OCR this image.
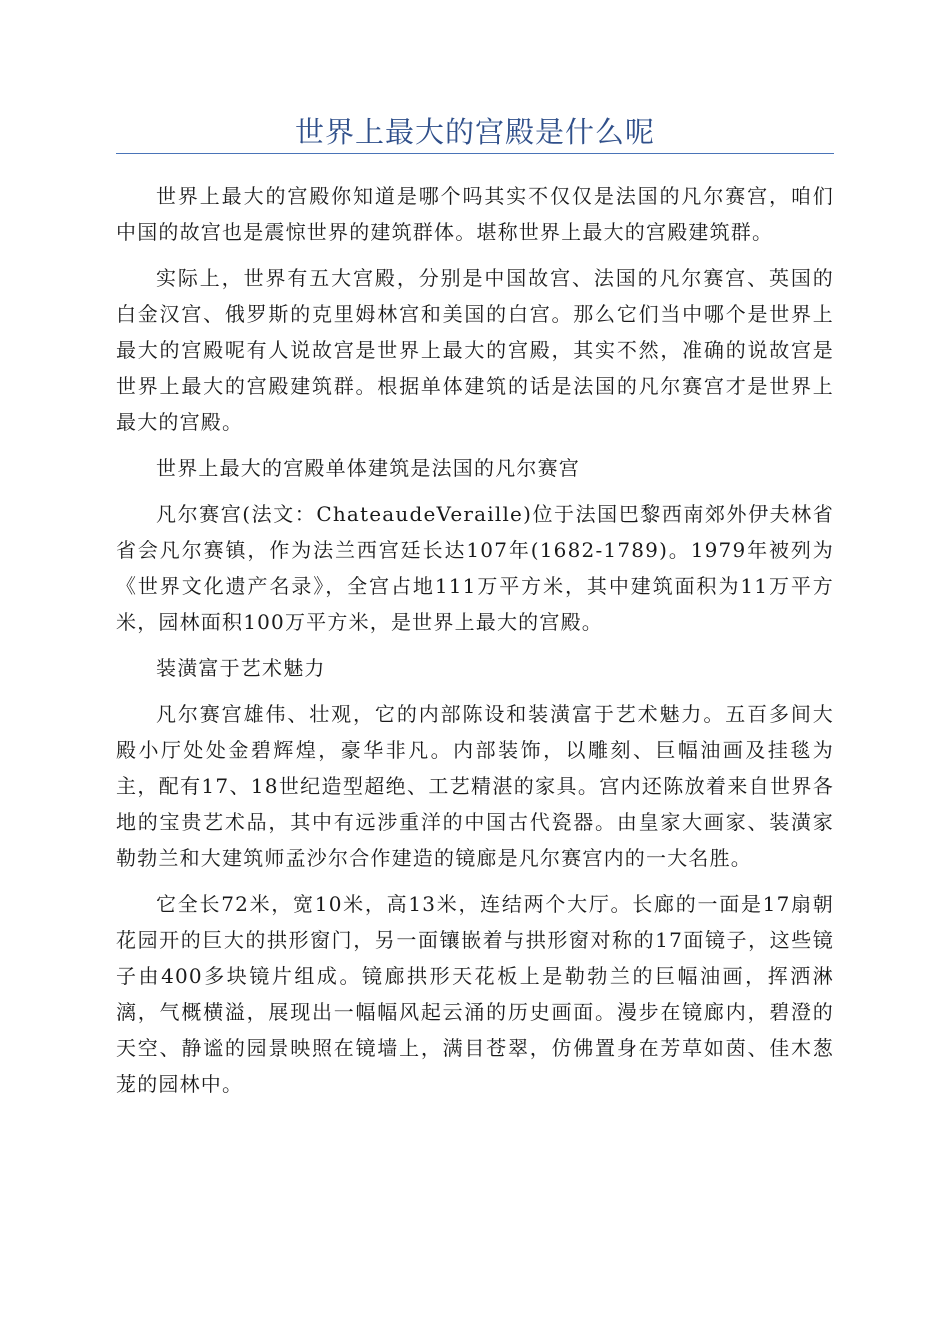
世界上最大的宫殿是什么呢

世界上最大的宫殿你知道是哪个吗其实不仅仅是法国的凡尔赛宫，咱们中国的故宫也是震惊世界的建筑群体。堪称世界上最大的宫殿建筑群。

实际上，世界有五大宫殿，分别是中国故宫、法国的凡尔赛宫、英国的白金汉宫、俄罗斯的克里姆林宫和美国的白宫。那么它们当中哪个是世界上最大的宫殿呢有人说故宫是世界上最大的宫殿，其实不然，准确的说故宫是世界上最大的宫殿建筑群。根据单体建筑的话是法国的凡尔赛宫才是世界上最大的宫殿。

世界上最大的宫殿单体建筑是法国的凡尔赛宫

凡尔赛宫(法文：ChateaudeVeraille)位于法国巴黎西南郊外伊夫林省省会凡尔赛镇，作为法兰西宫廷长达107年(1682-1789)。1979年被列为《世界文化遗产名录》，全宫占地111万平方米，其中建筑面积为11万平方米，园林面积100万平方米，是世界上最大的宫殿。

装潢富于艺术魅力

凡尔赛宫雄伟、壮观，它的内部陈设和装潢富于艺术魅力。五百多间大殿小厅处处金碧辉煌，豪华非凡。内部装饰，以雕刻、巨幅油画及挂毯为主，配有17、18世纪造型超绝、工艺精湛的家具。宫内还陈放着来自世界各地的宝贵艺术品，其中有远涉重洋的中国古代瓷器。由皇家大画家、装潢家勒勃兰和大建筑师孟沙尔合作建造的镜廊是凡尔赛宫内的一大名胜。

它全长72米，宽10米，高13米，连结两个大厅。长廊的一面是17扇朝花园开的巨大的拱形窗门，另一面镶嵌着与拱形窗对称的17面镜子，这些镜子由400多块镜片组成。镜廊拱形天花板上是勒勃兰的巨幅油画，挥洒淋漓，气概横溢，展现出一幅幅风起云涌的历史画面。漫步在镜廊内，碧澄的天空、静谧的园景映照在镜墙上，满目苍翠，仿佛置身在芳草如茵、佳木葱茏的园林中。
